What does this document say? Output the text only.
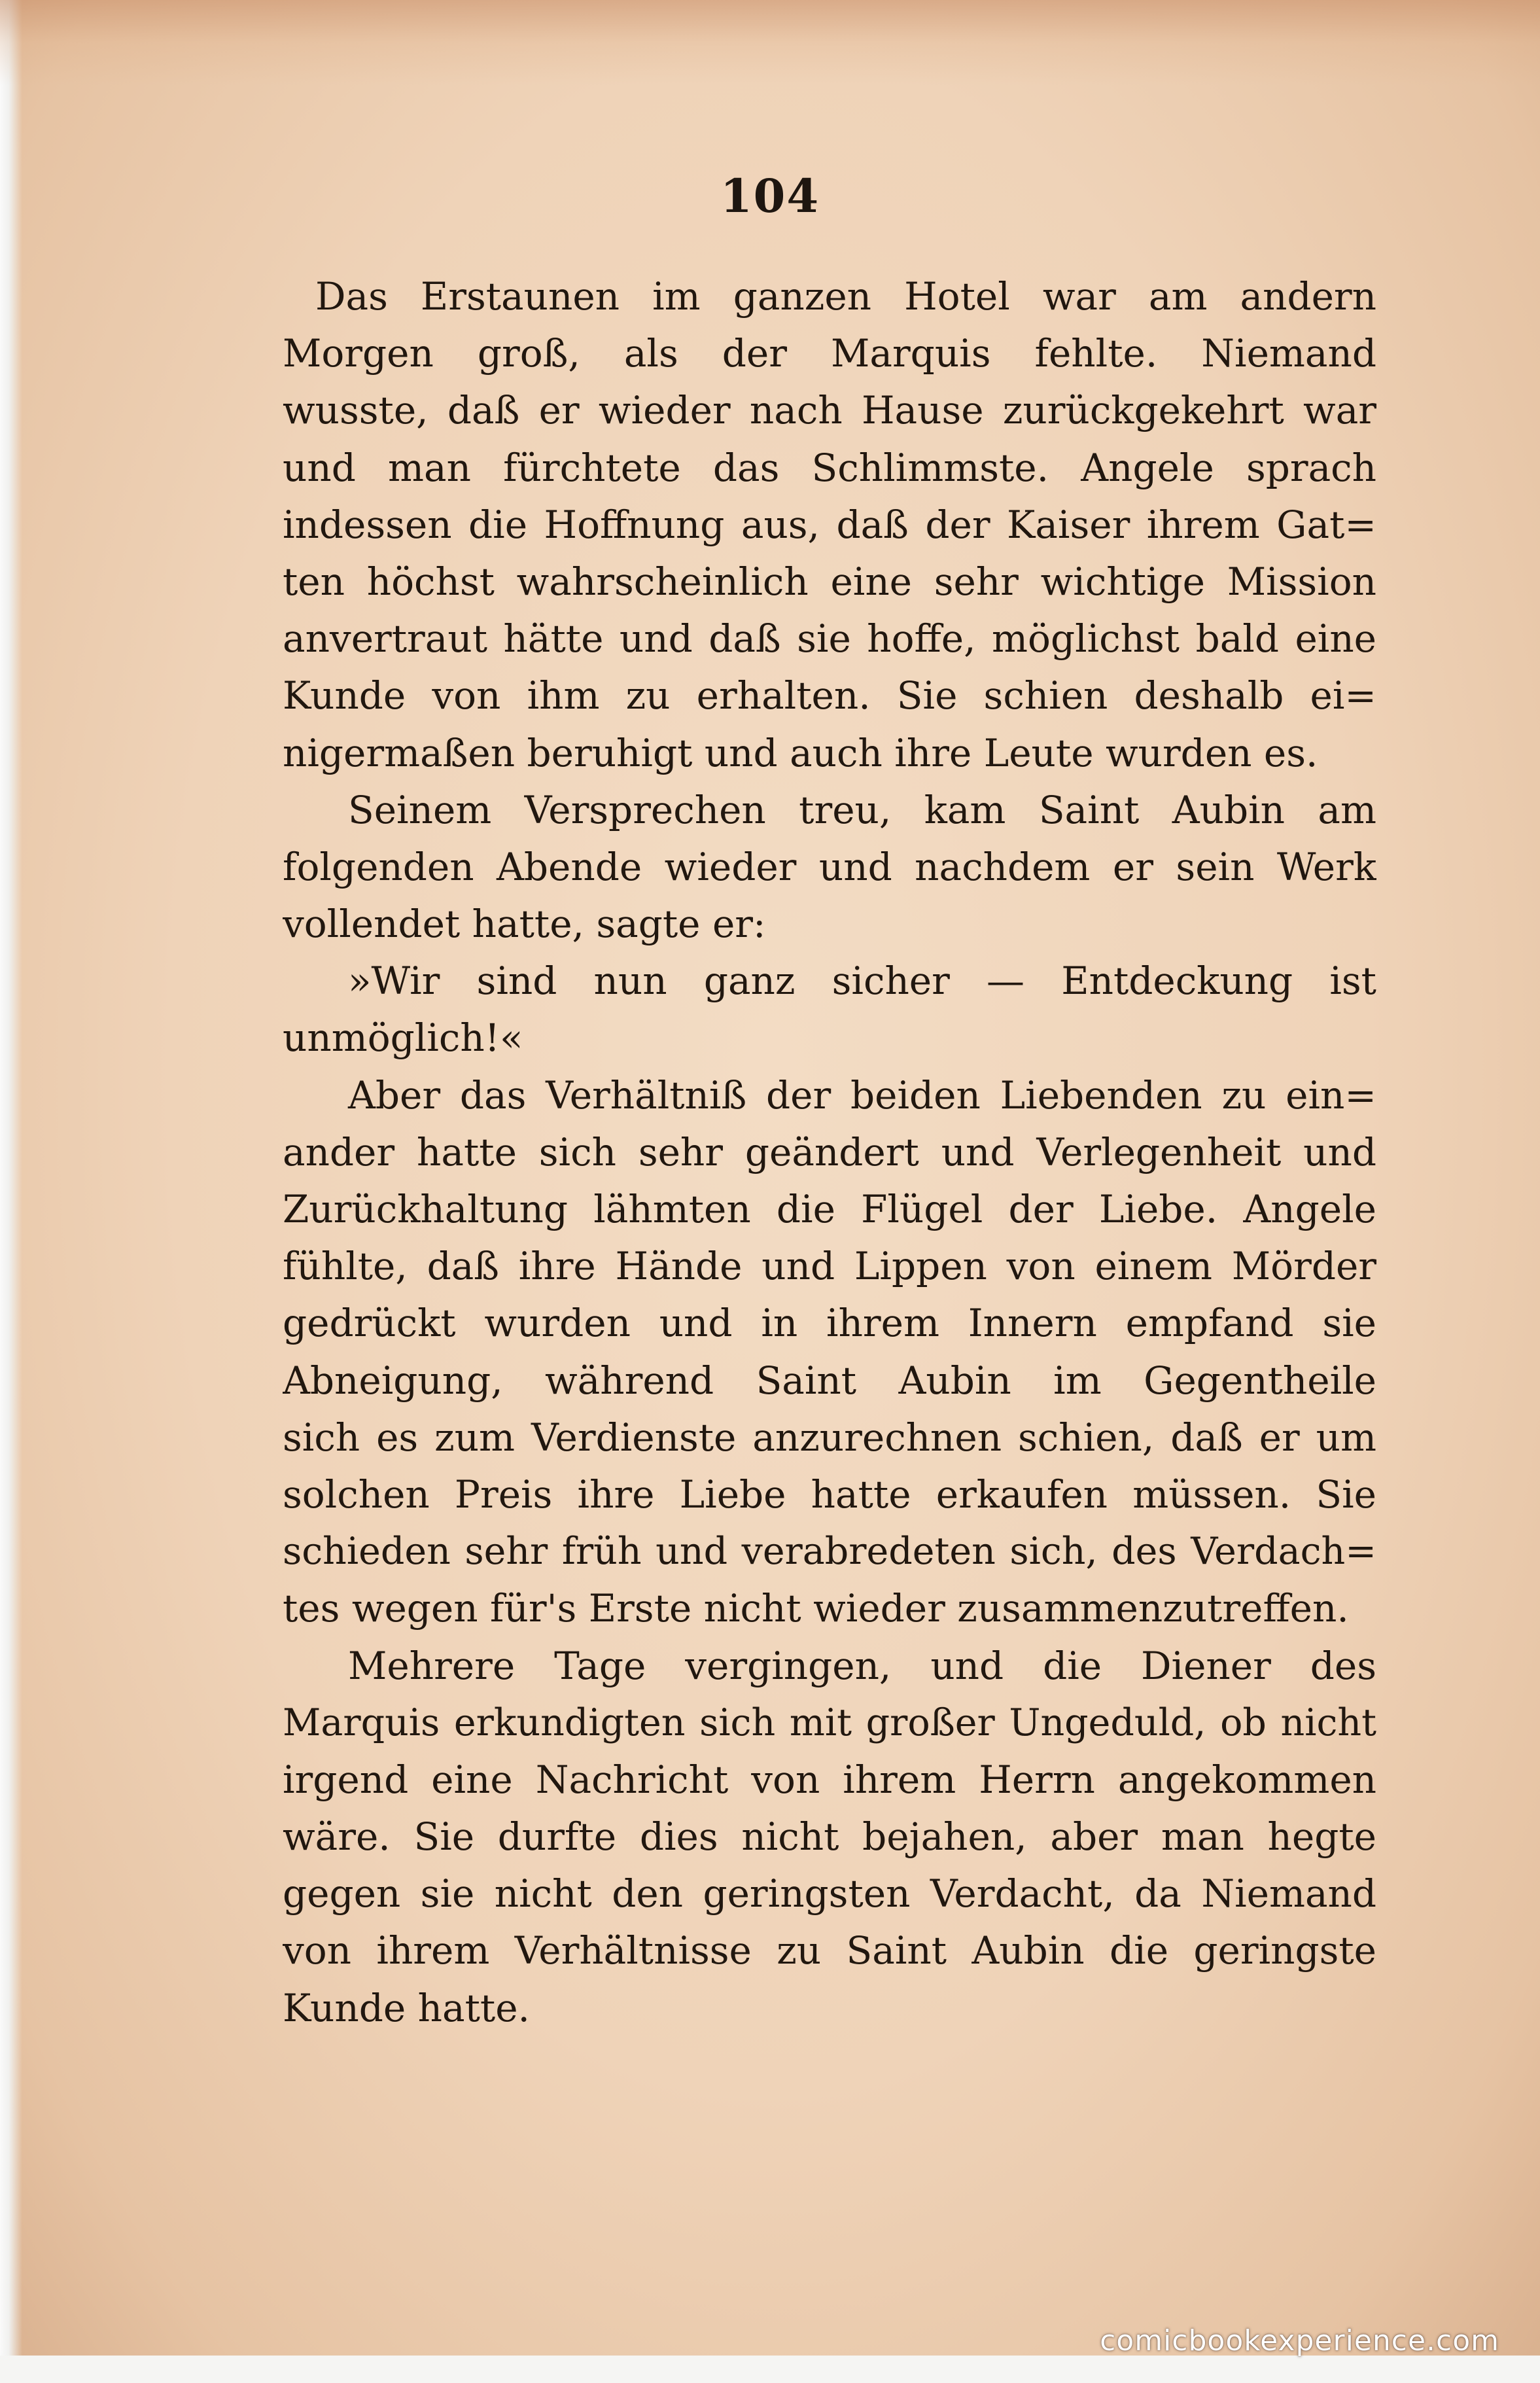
104
Das Erstaunen im ganzen Hotel war am andern
Morgen groß, als der Marquis fehlte. Niemand
wusste, daß er wieder nach Hause zurückgekehrt war
und man fürchtete das Schlimmste. Angele sprach
indessen die Hoffnung aus, daß der Kaiser ihrem Gat=
ten höchst wahrscheinlich eine sehr wichtige Mission
anvertraut hätte und daß sie hoffe, möglichst bald eine
Kunde von ihm zu erhalten. Sie schien deshalb ei=
nigermaßen beruhigt und auch ihre Leute wurden es.
Seinem Versprechen treu, kam Saint Aubin am
folgenden Abende wieder und nachdem er sein Werk
vollendet hatte, sagte er:
»Wir sind nun ganz sicher — Entdeckung ist
unmöglich!«
Aber das Verhältniß der beiden Liebenden zu ein=
ander hatte sich sehr geändert und Verlegenheit und
Zurückhaltung lähmten die Flügel der Liebe. Angele
fühlte, daß ihre Hände und Lippen von einem Mörder
gedrückt wurden und in ihrem Innern empfand sie
Abneigung, während Saint Aubin im Gegentheile
sich es zum Verdienste anzurechnen schien, daß er um
solchen Preis ihre Liebe hatte erkaufen müssen. Sie
schieden sehr früh und verabredeten sich, des Verdach=
tes wegen für's Erste nicht wieder zusammenzutreffen.
Mehrere Tage vergingen, und die Diener des
Marquis erkundigten sich mit großer Ungeduld, ob nicht
irgend eine Nachricht von ihrem Herrn angekommen
wäre. Sie durfte dies nicht bejahen, aber man hegte
gegen sie nicht den geringsten Verdacht, da Niemand
von ihrem Verhältnisse zu Saint Aubin die geringste
Kunde hatte.
comicbookexperience.com
